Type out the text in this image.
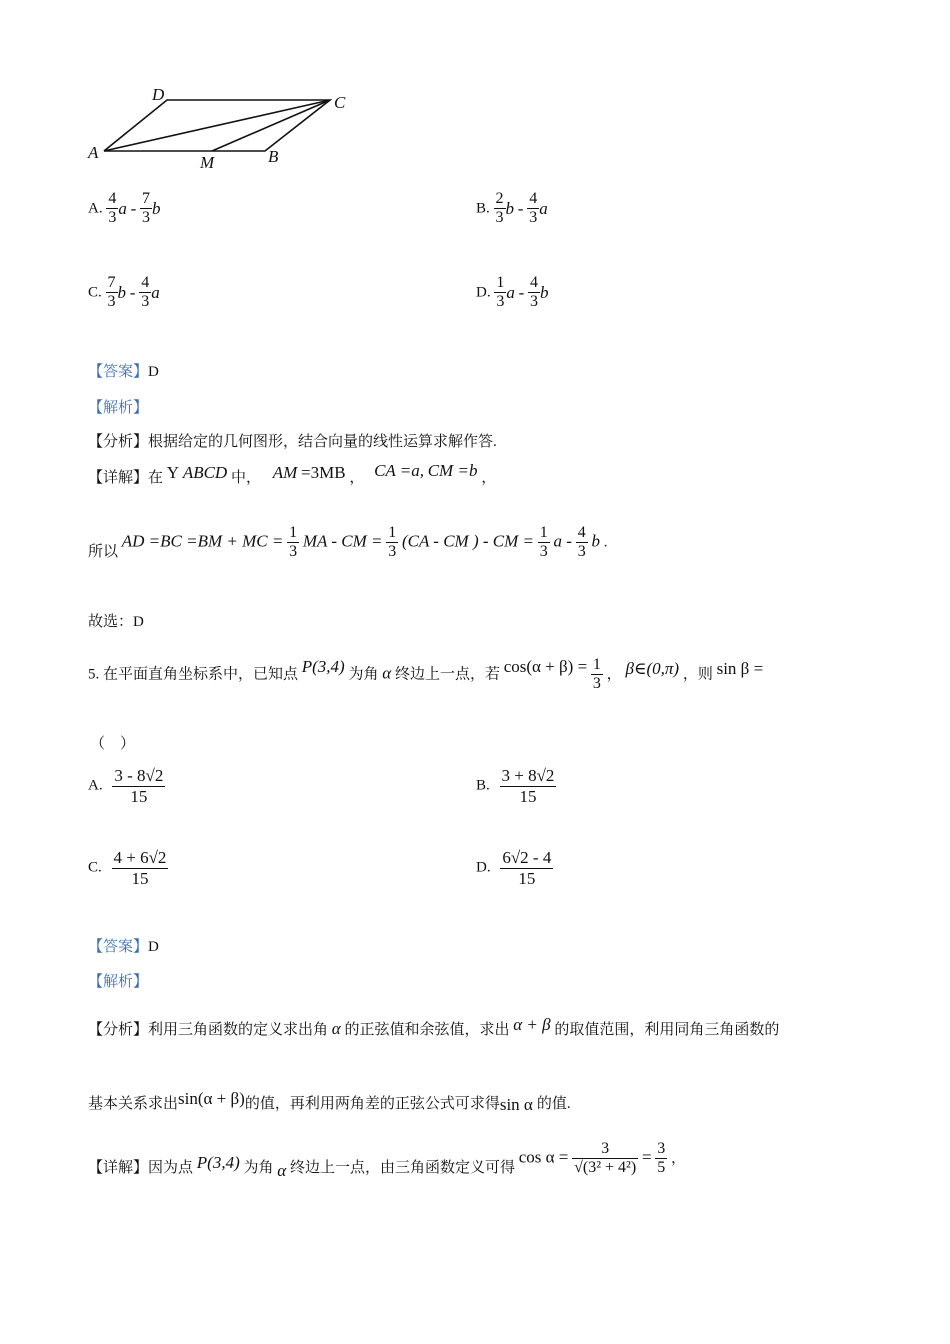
A
D	C
M	B
A. $\frac{4}{3}$ a - $\frac{7}{3}$ b	B. $\frac{2}{3}$ b - $\frac{4}{3}$ a
C. $\frac{7}{3}$ b - $\frac{4}{3}$ a	D. $\frac{1}{3}$ a - $\frac{4}{3}$ b
【答案】D
【解析】
【分析】根据给定的几何图形，结合向量的线性运算求解作答.
【详解】在 Y ABCD 中， AM =3MB ， CA =a, CM =b ，
所以 AD =BC =BM + MC = $\frac{1}{3}$ MA - CM = $\frac{1}{3} (CA$ - CM ) - CM = $\frac{1}{3}$ a - $\frac{4}{3}$ b .
故选：D
5. 在平面直角坐标系中，已知点 P(3,4) 为角 α 终边上一点，若 $\cos(\alpha + \beta) = \frac{1}{3}$ ， β∈(0,π) ，则 sin β =
（　）
A. $\frac{3 - 8√2}{15}$	B. $\frac{3 + 8√2}{15}$
C. $\frac{4 + 6√2}{15}$	D. $\frac{6√2 - 4}{15}$
【答案】D
【解析】
【分析】利用三角函数的定义求出角 α 的正弦值和余弦值，求出 α + β 的取值范围，利用同角三角函数的
基本关系求出sin(α + β)的值，再利用两角差的正弦公式可求得sin α 的值.
【详解】因为点 P(3,4) 为角 α 终边上一点，由三角函数定义可得 $\cos \alpha = \frac{3}{\text{√(3² + 4²)}} = \frac{3}{5}$ ，
